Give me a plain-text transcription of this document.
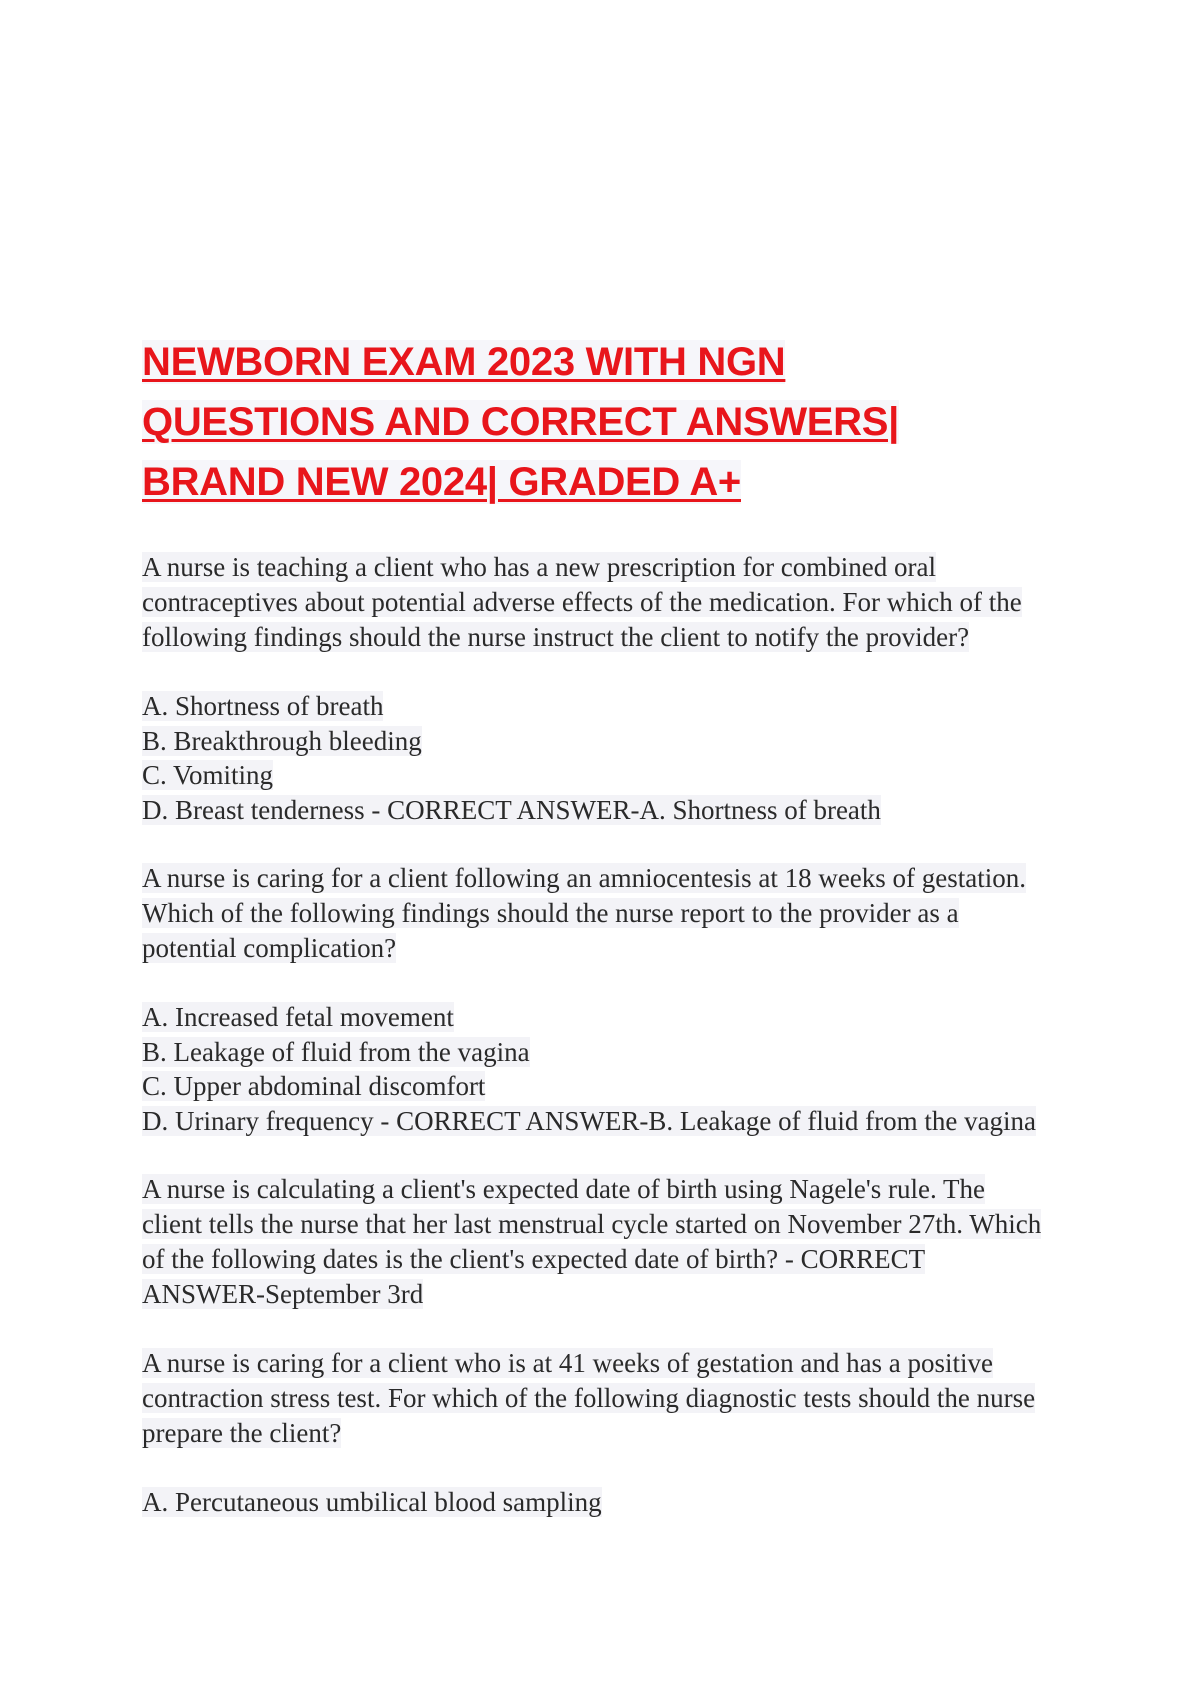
NEWBORN EXAM 2023 WITH NGN
QUESTIONS AND CORRECT ANSWERS|
BRAND NEW 2024| GRADED A+

A nurse is teaching a client who has a new prescription for combined oral
contraceptives about potential adverse effects of the medication. For which of the
following findings should the nurse instruct the client to notify the provider?

A. Shortness of breath
B. Breakthrough bleeding
C. Vomiting
D. Breast tenderness - CORRECT ANSWER-A. Shortness of breath

A nurse is caring for a client following an amniocentesis at 18 weeks of gestation.
Which of the following findings should the nurse report to the provider as a
potential complication?

A. Increased fetal movement
B. Leakage of fluid from the vagina
C. Upper abdominal discomfort
D. Urinary frequency - CORRECT ANSWER-B. Leakage of fluid from the vagina

A nurse is calculating a client's expected date of birth using Nagele's rule. The
client tells the nurse that her last menstrual cycle started on November 27th. Which
of the following dates is the client's expected date of birth? - CORRECT
ANSWER-September 3rd

A nurse is caring for a client who is at 41 weeks of gestation and has a positive
contraction stress test. For which of the following diagnostic tests should the nurse
prepare the client?

A. Percutaneous umbilical blood sampling
